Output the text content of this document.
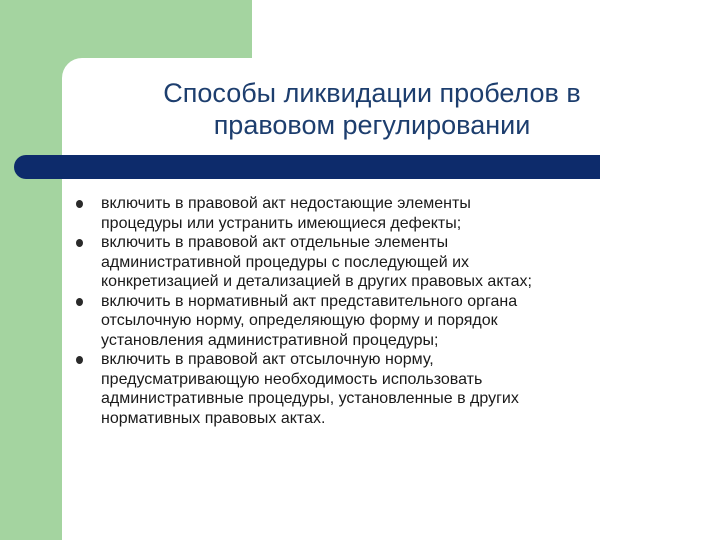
Способы ликвидации пробелов в
правовом регулировании
включить в правовой акт недостающие элементы
процедуры или устранить имеющиеся дефекты;
включить в правовой акт отдельные элементы
административной процедуры с последующей их
конкретизацией и детализацией в других правовых актах;
включить в нормативный акт представительного органа
отсылочную норму, определяющую форму и порядок
установления административной процедуры;
включить в правовой акт отсылочную норму,
предусматривающую необходимость использовать
административные процедуры, установленные в других
нормативных правовых актах.
